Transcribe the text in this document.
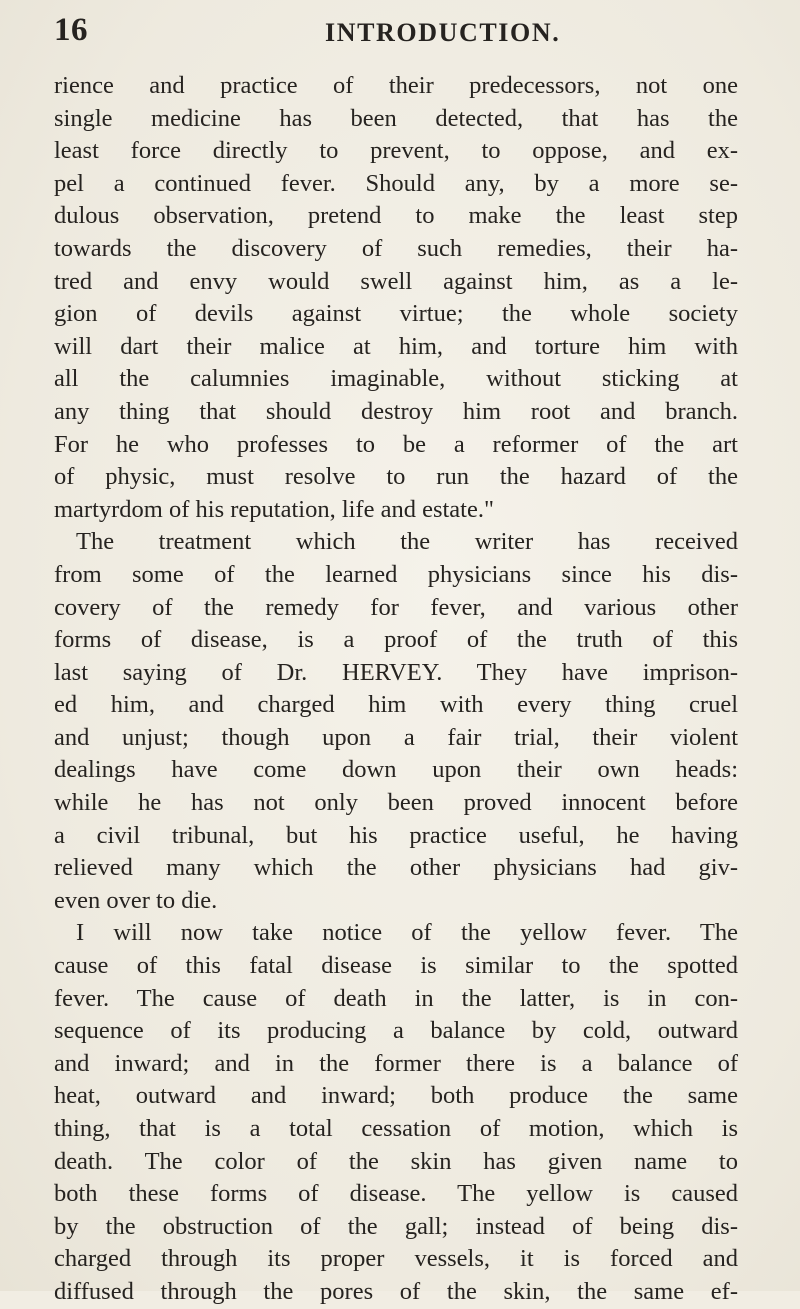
16	INTRODUCTION.
rience and practice of their predecessors, not one
single medicine has been detected, that has the
least force directly to prevent, to oppose, and ex-
pel a continued fever. Should any, by a more se-
dulous observation, pretend to make the least step
towards the discovery of such remedies, their ha-
tred and envy would swell against him, as a le-
gion of devils against virtue; the whole society
will dart their malice at him, and torture him with
all the calumnies imaginable, without sticking at
any thing that should destroy him root and branch.
For he who professes to be a reformer of the art
of physic, must resolve to run the hazard of the
martyrdom of his reputation, life and estate."
The treatment which the writer has received
from some of the learned physicians since his dis-
covery of the remedy for fever, and various other
forms of disease, is a proof of the truth of this
last saying of Dr. HERVEY. They have imprison-
ed him, and charged him with every thing cruel
and unjust; though upon a fair trial, their violent
dealings have come down upon their own heads:
while he has not only been proved innocent before
a civil tribunal, but his practice useful, he having
relieved many which the other physicians had giv-
even over to die.
I will now take notice of the yellow fever. The
cause of this fatal disease is similar to the spotted
fever. The cause of death in the latter, is in con-
sequence of its producing a balance by cold, outward
and inward; and in the former there is a balance of
heat, outward and inward; both produce the same
thing, that is a total cessation of motion, which is
death. The color of the skin has given name to
both these forms of disease. The yellow is caused
by the obstruction of the gall; instead of being dis-
charged through its proper vessels, it is forced and
diffused through the pores of the skin, the same ef-
